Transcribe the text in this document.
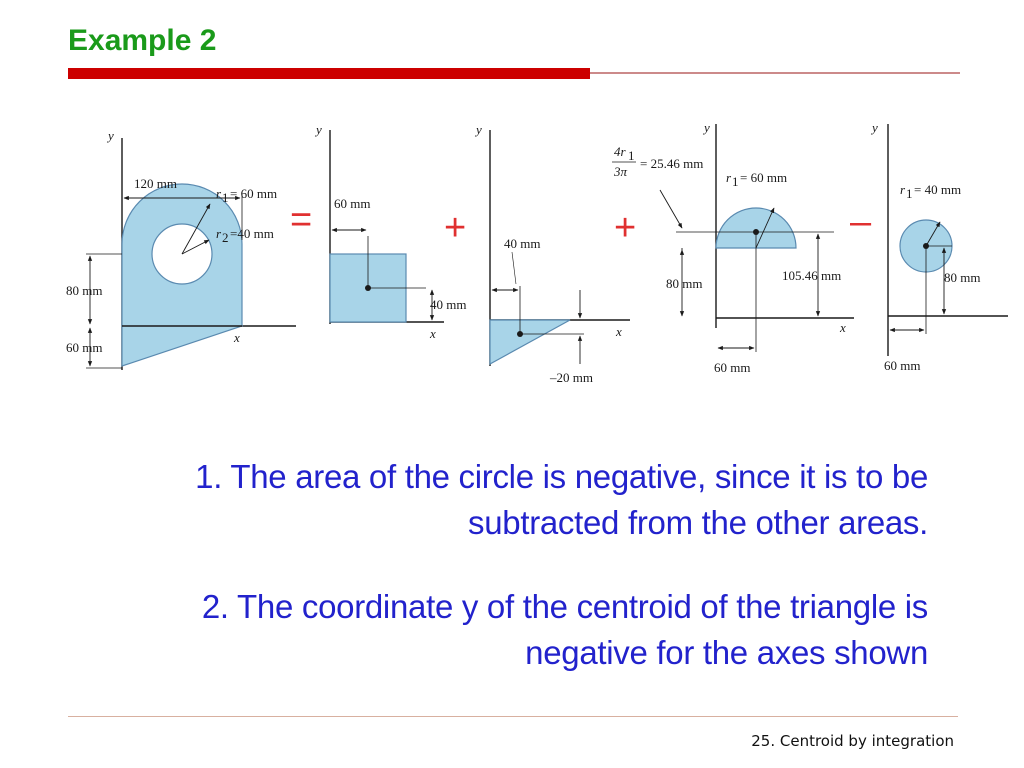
Example 2
y
x
120 mm
r 1 = 60 mm
r 2 =40 mm
80 mm
60 mm
=
y
x
60 mm
40 mm
+
y
x
40 mm
–20 mm
+
y
x
4r 1
3π
= 25.46 mm
r 1 = 60 mm
80 mm
105.46 mm
60 mm
–
y
r 1 = 40 mm
80 mm
60 mm
1. The area of the circle is negative, since it is to be subtracted from the other areas.
2. The coordinate y of the centroid of the triangle is negative for the axes shown
25. Centroid by integration
